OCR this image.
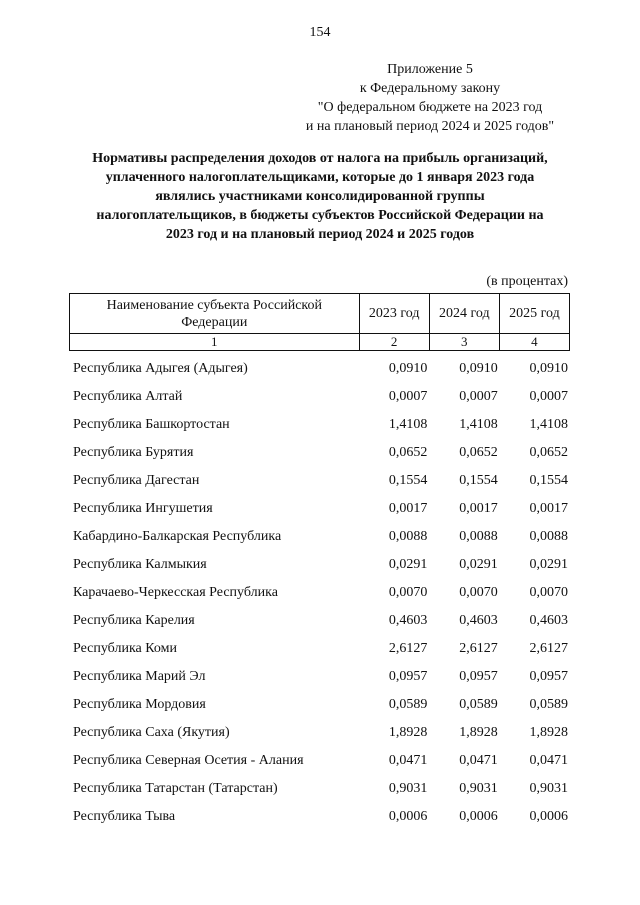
154
Приложение 5
к Федеральному закону
"О федеральном бюджете на 2023 год
и на плановый период 2024 и 2025 годов"
Нормативы распределения доходов от налога на прибыль организаций,
уплаченного налогоплательщиками, которые до 1 января 2023 года
являлись участниками консолидированной группы
налогоплательщиков, в бюджеты субъектов Российской Федерации на
2023 год и на плановый период 2024 и 2025 годов
(в процентах)
Наименование субъекта Российской
Федерации	2023 год	2024 год	2025 год
1	2	3	4
Республика Адыгея (Адыгея)	0,0910	0,0910	0,0910
Республика Алтай	0,0007	0,0007	0,0007
Республика Башкортостан	1,4108	1,4108	1,4108
Республика Бурятия	0,0652	0,0652	0,0652
Республика Дагестан	0,1554	0,1554	0,1554
Республика Ингушетия	0,0017	0,0017	0,0017
Кабардино-Балкарская Республика	0,0088	0,0088	0,0088
Республика Калмыкия	0,0291	0,0291	0,0291
Карачаево-Черкесская Республика	0,0070	0,0070	0,0070
Республика Карелия	0,4603	0,4603	0,4603
Республика Коми	2,6127	2,6127	2,6127
Республика Марий Эл	0,0957	0,0957	0,0957
Республика Мордовия	0,0589	0,0589	0,0589
Республика Саха (Якутия)	1,8928	1,8928	1,8928
Республика Северная Осетия - Алания	0,0471	0,0471	0,0471
Республика Татарстан (Татарстан)	0,9031	0,9031	0,9031
Республика Тыва	0,0006	0,0006	0,0006
